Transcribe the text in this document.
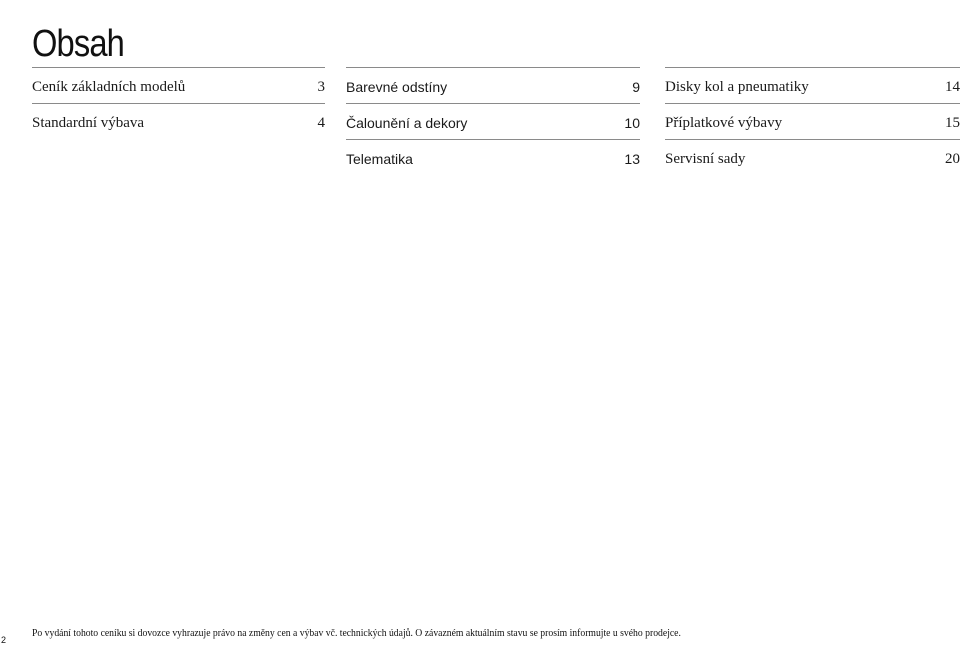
Obsah
Ceník základních modelů	3
Standardní výbava	4
Barevné odstíny	9
Čalounění a dekory	10
Telematika	13
Disky kol a pneumatiky	14
Příplatkové výbavy	15
Servisní sady	20
2
Po vydání tohoto ceníku si dovozce vyhrazuje právo na změny cen a výbav vč. technických údajů. O závazném aktuálním stavu se prosím informujte u svého prodejce.
